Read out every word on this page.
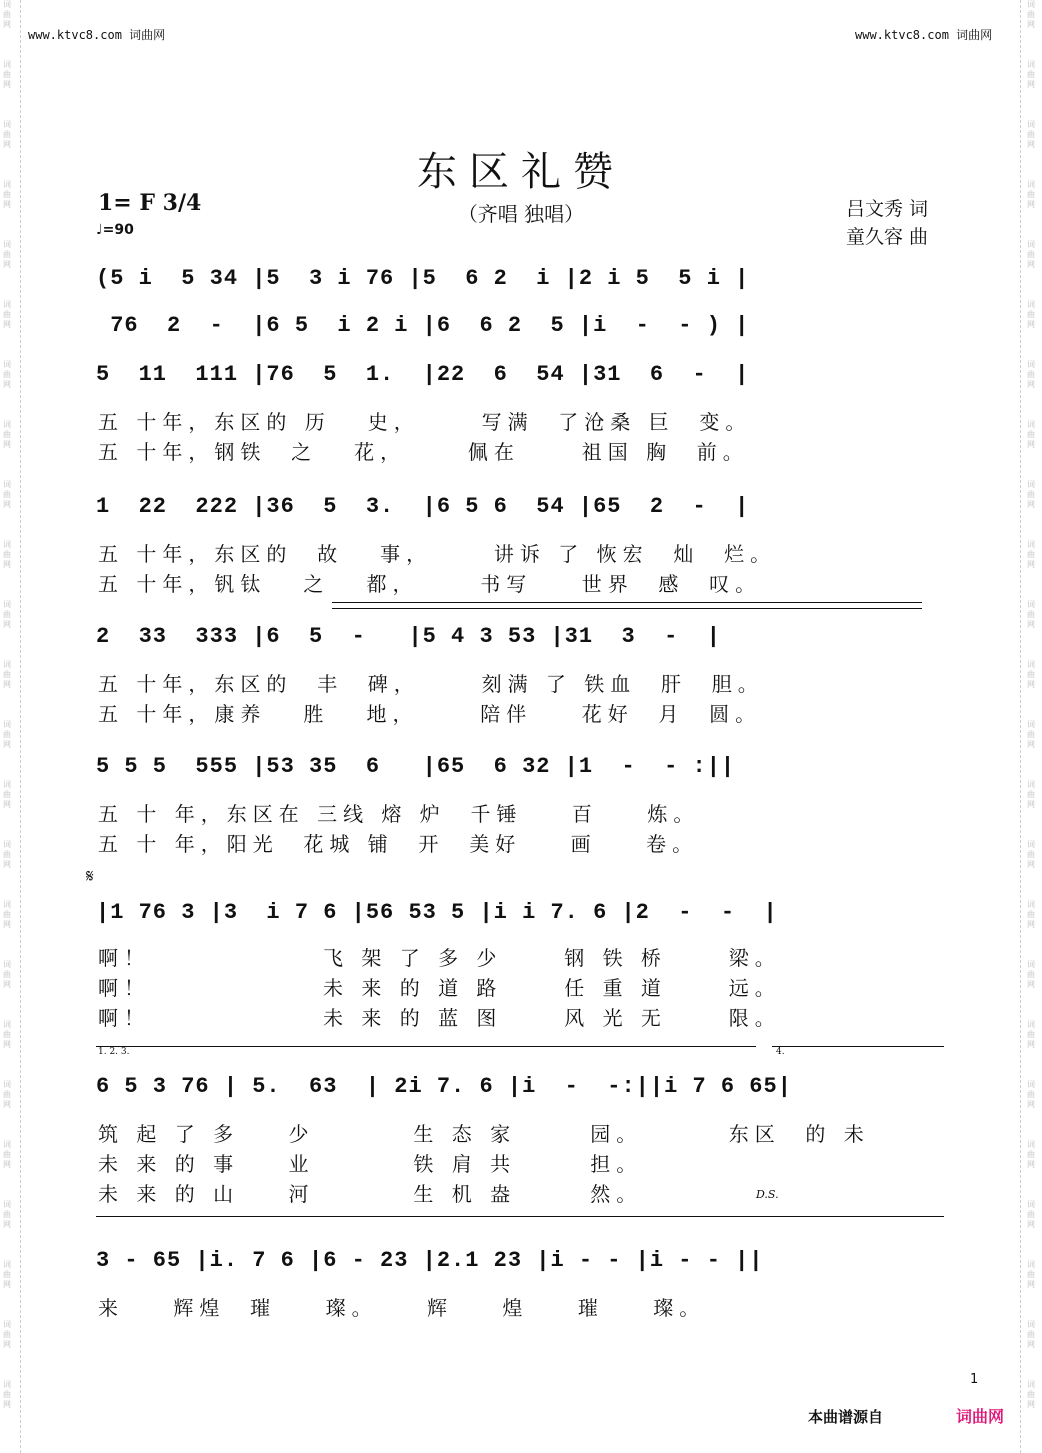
词
曲
网
词
曲
网
词
曲
网
词
曲
网
词
曲
网
词
曲
网
词
曲
网
词
曲
网
词
曲
网
词
曲
网
词
曲
网
词
曲
网
词
曲
网
词
曲
网
词
曲
网
词
曲
网
词
曲
网
词
曲
网
词
曲
网
词
曲
网
词
曲
网
词
曲
网
词
曲
网
词
曲
网
词
曲
网
词
曲
网
词
曲
网
词
曲
网
词
曲
网
词
曲
网
词
曲
网
词
曲
网
词
曲
网
词
曲
网
词
曲
网
词
曲
网
词
曲
网
词
曲
网
词
曲
网
词
曲
网
词
曲
网
词
曲
网
词
曲
网
词
曲
网
词
曲
网
词
曲
网
词
曲
网
词
曲
网
www.ktvc8.com 词曲网	www.ktvc8.com 词曲网
东区礼赞
（齐唱 独唱）
1= F 3/4
♩=90
吕文秀 词
童久容 曲
(5 i  5 34 |5  3 i 76 |5  6 2  i |2 i 5  5 i |
76  2  -  |6 5  i 2 i |6  6 2  5 |i  -  - ) |
5  11  111 |76  5  1.  |22  6  54 |31  6  -  |
五 十年，东区的 历   史，     写满  了沧桑 巨  变。
五 十年，钢铁  之   花，     佩在     祖国 胸  前。
1  22  222 |36  5  3.  |6 5 6  54 |65  2  -  |
五 十年，东区的  故   事，     讲诉 了 恢宏  灿  烂。
五 十年，钒钛   之   都，     书写    世界  感  叹。
2  33  333 |6  5  -   |5 4 3 53 |31  3  -  |
五 十年，东区的  丰  碑，     刻满 了 铁血  肝  胆。
五 十年，康养   胜   地，     陪伴    花好  月  圆。
5 5 5  555 |53 35  6   |65  6 32 |1  -  - :||
五 十 年，东区在 三线 熔 炉  千锤    百    炼。
五 十 年，阳光  花城 铺  开  美好    画    卷。
𝄋
|1 76 3 |3  i 7 6 |56 53 5 |i i 7. 6 |2  -  -  |
啊！              飞 架 了 多 少     钢 铁 桥     梁。
啊！              未 来 的 道 路     任 重 道     远。
啊！              未 来 的 蓝 图     风 光 无     限。
1. 2. 3.	4.
6 5 3 76 | 5.  63  | 2i 7. 6 |i  -  -:||i 7 6 65|
筑 起 了 多    少        生 态 家      园。       东区  的 未
未 来 的 事    业        铁 肩 共      担。
未 来 的 山    河        生 机 盎      然。	D.S.
3 - 65 |i. 7 6 |6 - 23 |2.1 23 |i - - |i - - ||
来    辉煌  璀    璨。    辉    煌    璀    璨。
1
本曲谱源自	词曲网
